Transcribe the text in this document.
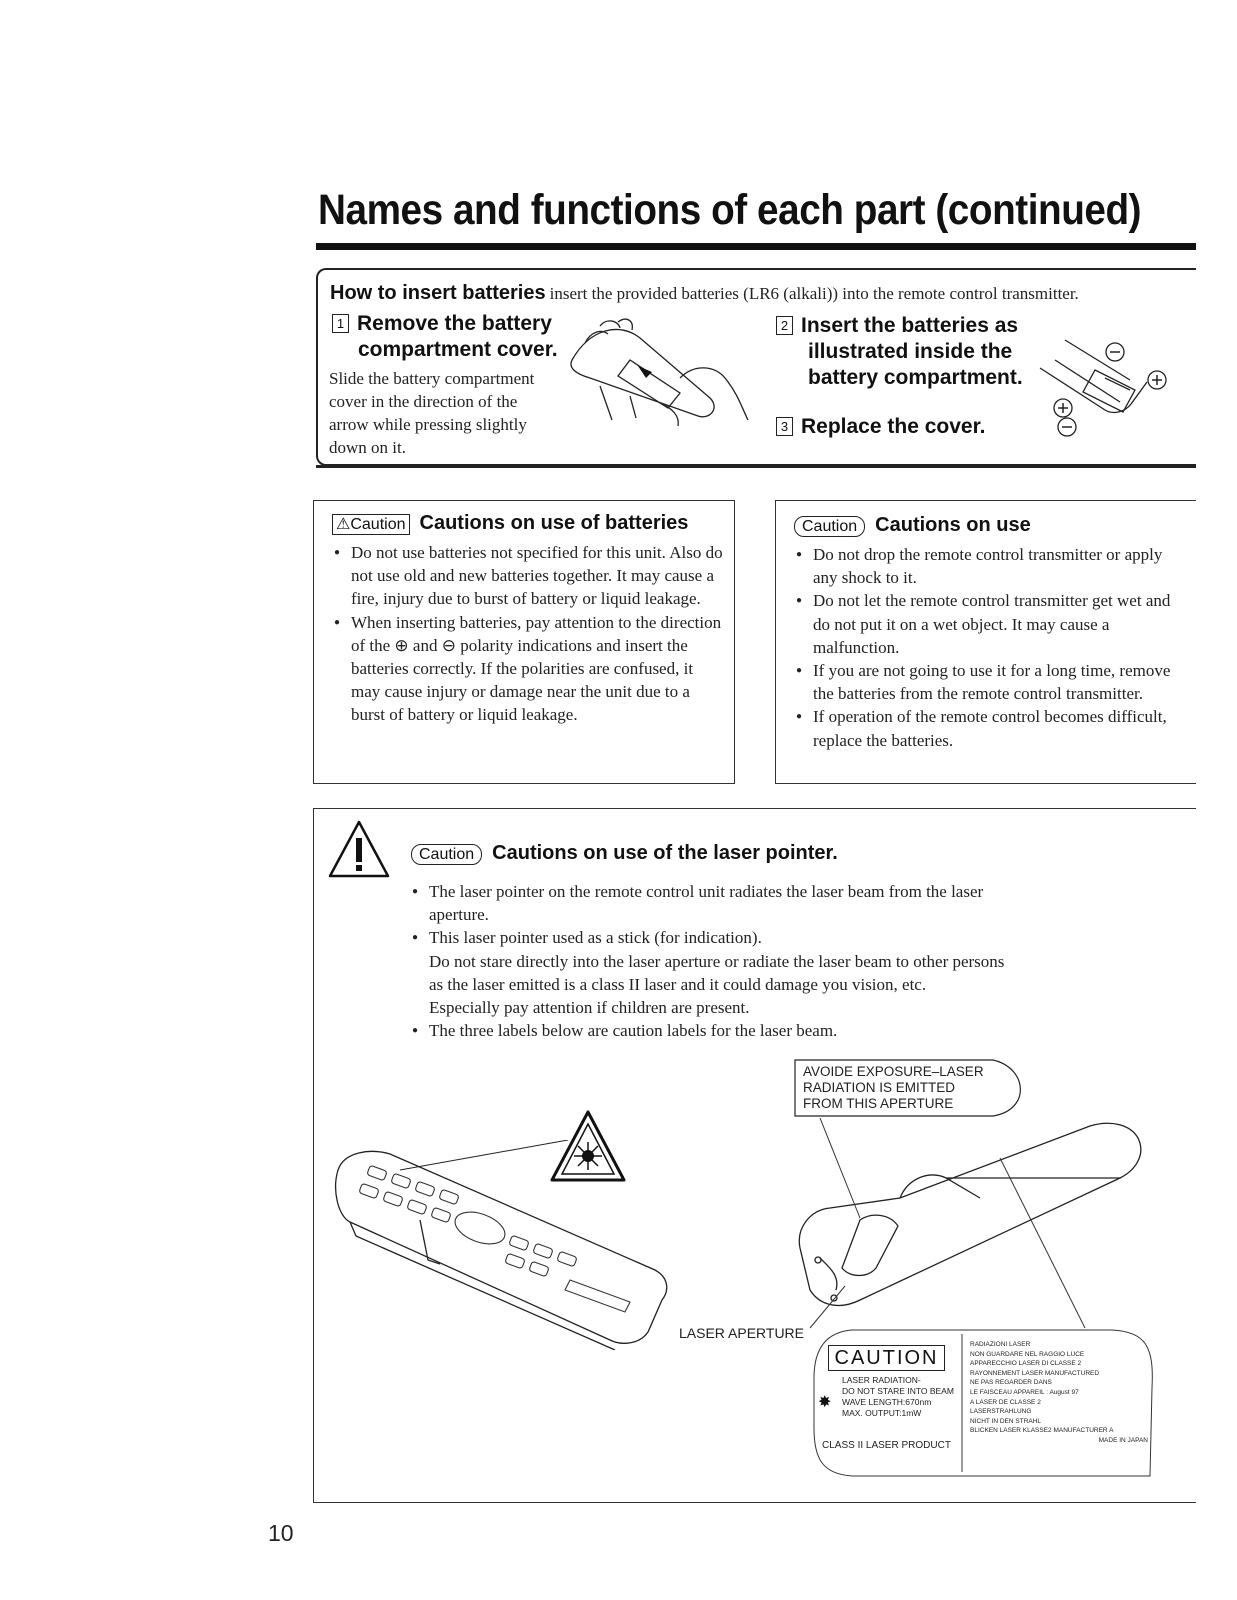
Names and functions of each part (continued)
How to insert batteries insert the provided batteries (LR6 (alkali)) into the remote control transmitter.
1 Remove the battery
compartment cover.
Slide the battery compartment
cover in the direction of the
arrow while pressing slightly
down on it.
2 Insert the batteries as
illustrated inside the
battery compartment.
3 Replace the cover.
⚠Caution Cautions on use of batteries
● Do not use batteries not specified for this unit. Also do not use old and new batteries together. It may cause a fire, injury due to burst of battery or liquid leakage.
● When inserting batteries, pay attention to the direction of the ⊕ and ⊖ polarity indications and insert the batteries correctly. If the polarities are confused, it may cause injury or damage near the unit due to a burst of battery or liquid leakage.
Caution Cautions on use
● Do not drop the remote control transmitter or apply any shock to it.
● Do not let the remote control transmitter get wet and do not put it on a wet object. It may cause a malfunction.
● If you are not going to use it for a long time, remove the batteries from the remote control transmitter.
● If operation of the remote control becomes difficult, replace the batteries.
Caution Cautions on use of the laser pointer.
● The laser pointer on the remote control unit radiates the laser beam from the laser
aperture.
● This laser pointer used as a stick (for indication).
Do not stare directly into the laser aperture or radiate the laser beam to other persons
as the laser emitted is a class II laser and it could damage you vision, etc.
Especially pay attention if children are present.
● The three labels below are caution labels for the laser beam.
AVOIDE EXPOSURE–LASER
RADIATION IS EMITTED
FROM THIS APERTURE
LASER APERTURE
CAUTION
✸
LASER RADIATION-
DO NOT STARE INTO BEAM
WAVE LENGTH:670nm
MAX. OUTPUT:1mW
CLASS II LASER PRODUCT
RADIAZIONI LASER
NON GUARDARE NEL RAGGIO LUCE
APPARECCHIO LASER DI CLASSE 2
RAYONNEMENT LASER MANUFACTURED
NE PAS REGARDER DANS
LE FAISCEAU APPAREIL : August 97
A LASER DE CLASSE 2
LASERSTRAHLUNG
NICHT IN DEN STRAHL
BLICKEN LASER KLASSE2 MANUFACTURER A
MADE IN JAPAN
10
